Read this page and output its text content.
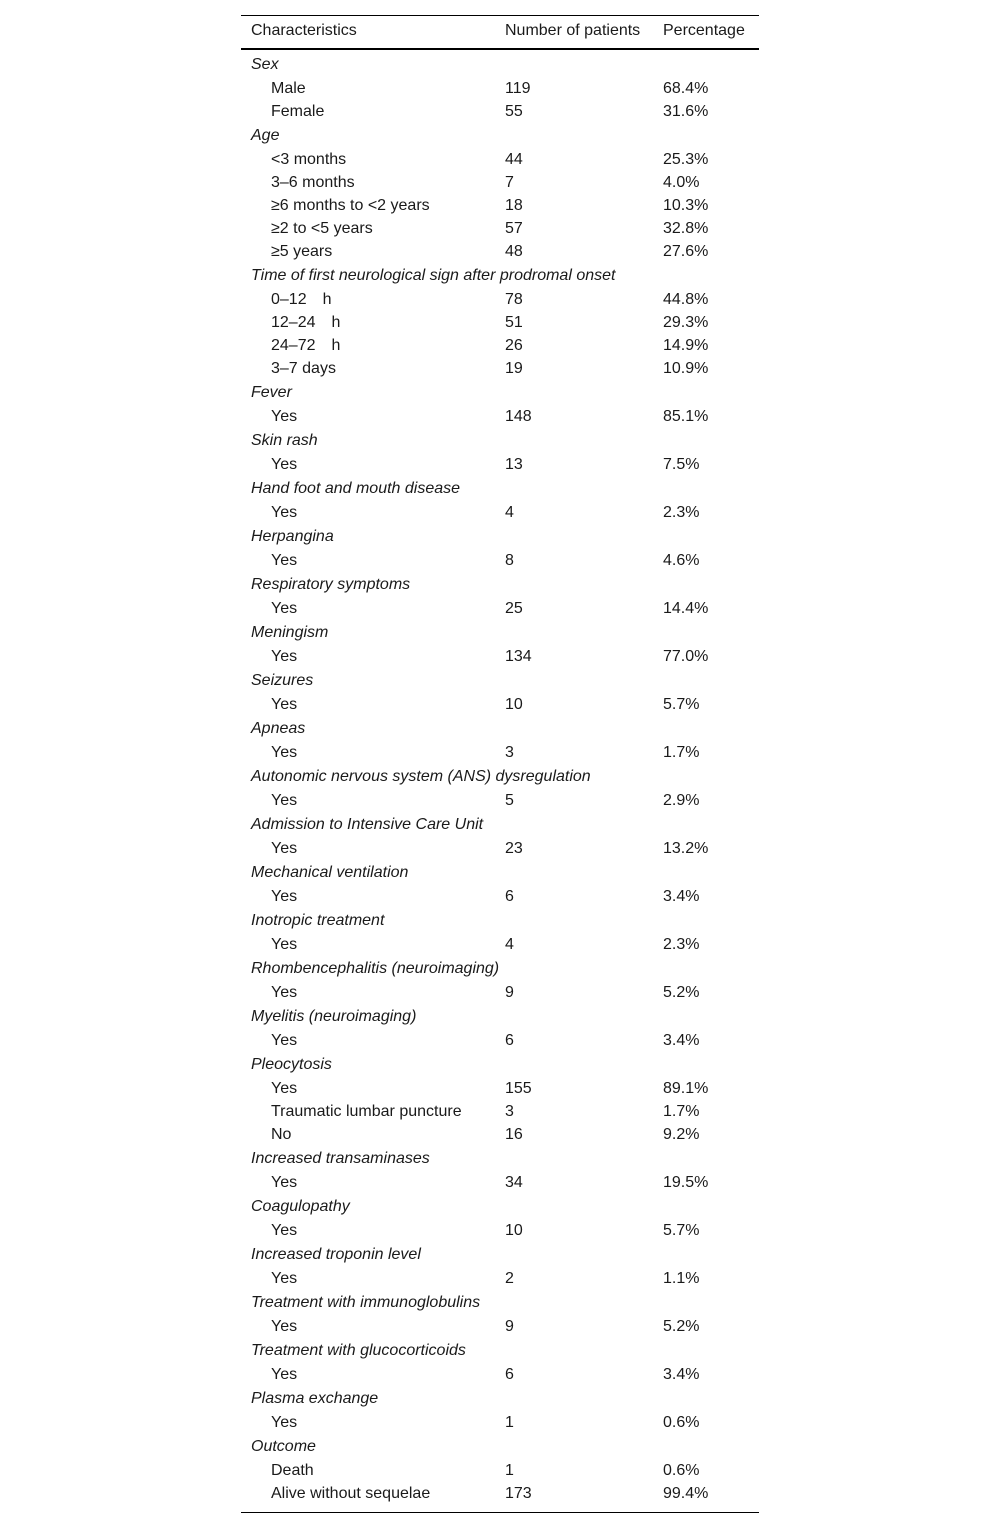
Characteristics	Number of patients Percentage
Sex
Male	119	68.4%
Female	55	31.6%
Age
<3 months	44	25.3%
3–6 months	7	4.0%
≥6 months to <2 years	18	10.3%
≥2 to <5 years	57	32.8%
≥5 years	48	27.6%
Time of first neurological sign after prodromal onset
0–12 h	78	44.8%
12–24 h	51	29.3%
24–72 h	26	14.9%
3–7 days	19	10.9%
Fever
Yes	148	85.1%
Skin rash
Yes	13	7.5%
Hand foot and mouth disease
Yes	4	2.3%
Herpangina
Yes	8	4.6%
Respiratory symptoms
Yes	25	14.4%
Meningism
Yes	134	77.0%
Seizures
Yes	10	5.7%
Apneas
Yes	3	1.7%
Autonomic nervous system (ANS) dysregulation
Yes	5	2.9%
Admission to Intensive Care Unit
Yes	23	13.2%
Mechanical ventilation
Yes	6	3.4%
Inotropic treatment
Yes	4	2.3%
Rhombencephalitis (neuroimaging)
Yes	9	5.2%
Myelitis (neuroimaging)
Yes	6	3.4%
Pleocytosis
Yes	155	89.1%
Traumatic lumbar puncture	3	1.7%
No	16	9.2%
Increased transaminases
Yes	34	19.5%
Coagulopathy
Yes	10	5.7%
Increased troponin level
Yes	2	1.1%
Treatment with immunoglobulins
Yes	9	5.2%
Treatment with glucocorticoids
Yes	6	3.4%
Plasma exchange
Yes	1	0.6%
Outcome
Death	1	0.6%
Alive without sequelae	173	99.4%
